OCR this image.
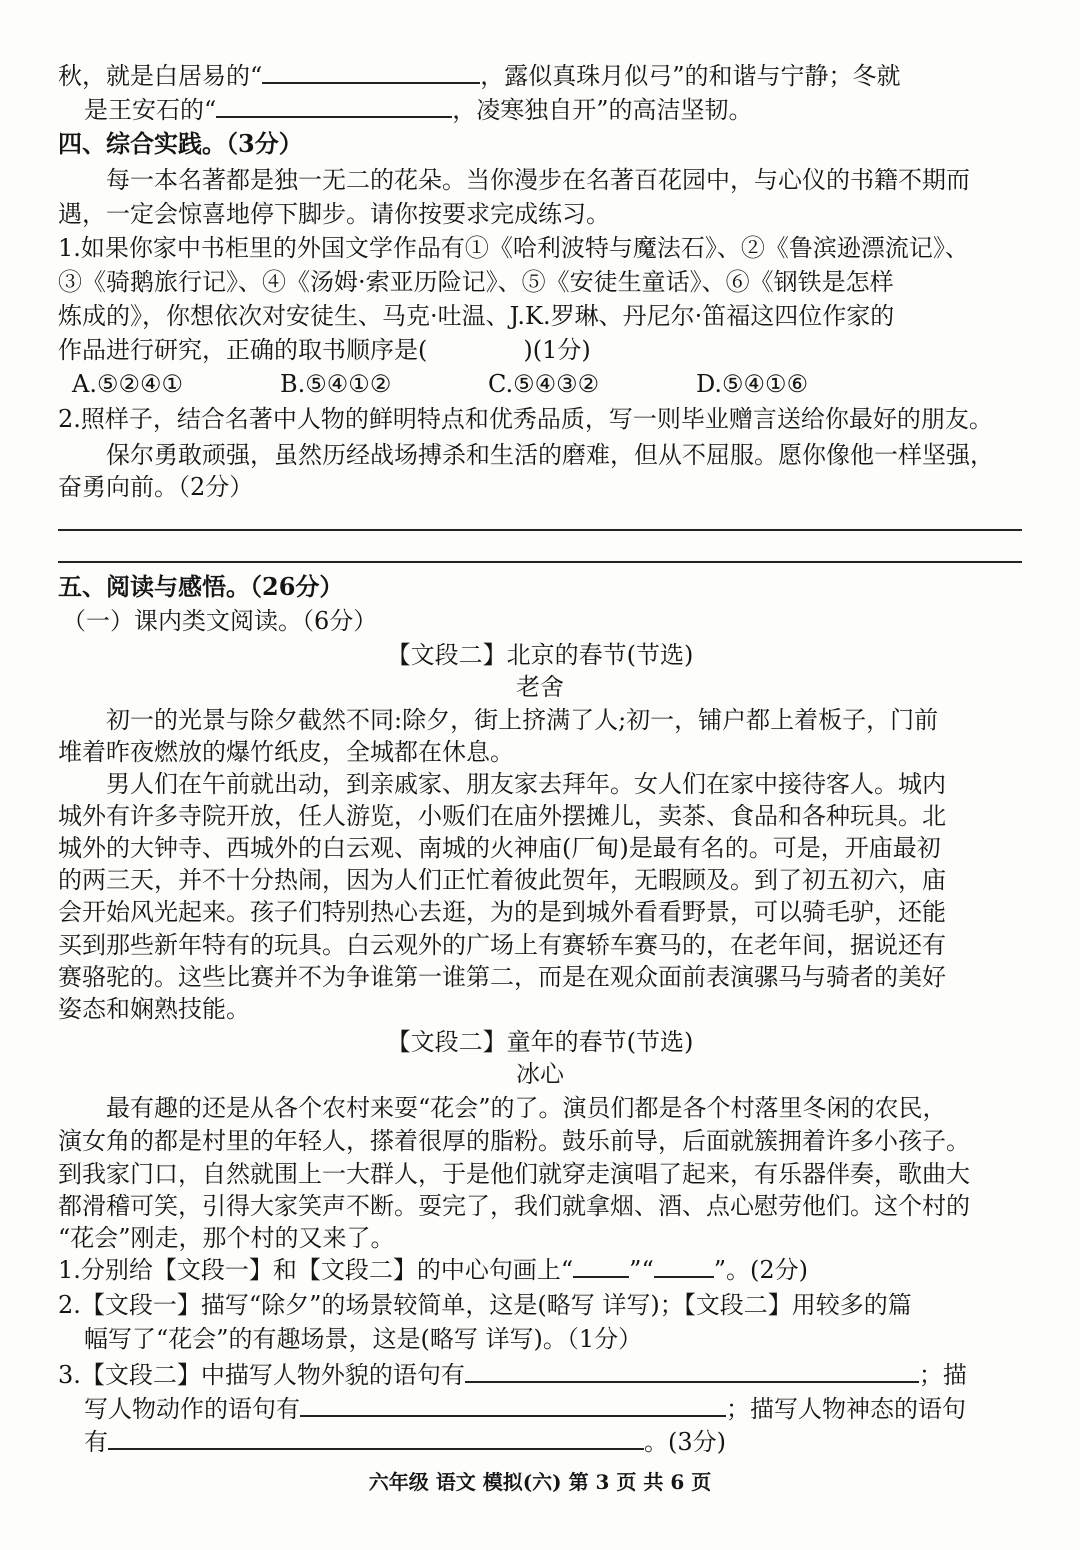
秋，就是白居易的“	，露似真珠月似弓”的和谐与宁静；冬就
是王安石的“	，凌寒独自开”的高洁坚韧。
四、综合实践。（3分）
每一本名著都是独一无二的花朵。当你漫步在名著百花园中，与心仪的书籍不期而
遇，一定会惊喜地停下脚步。请你按要求完成练习。
1.如果你家中书柜里的外国文学作品有①《哈利波特与魔法石》、②《鲁滨逊漂流记》、
③《骑鹅旅行记》、④《汤姆·索亚历险记》、⑤《安徒生童话》、⑥《钢铁是怎样
炼成的》，你想依次对安徒生、马克·吐温、J.K.罗琳、丹尼尔·笛福这四位作家的
作品进行研究，正确的取书顺序是(　　　　)(1分)
A.⑤②④①	B.⑤④①②	C.⑤④③②	D.⑤④①⑥
2.照样子，结合名著中人物的鲜明特点和优秀品质，写一则毕业赠言送给你最好的朋友。
保尔勇敢顽强，虽然历经战场搏杀和生活的磨难，但从不屈服。愿你像他一样坚强，
奋勇向前。（2分）
五、阅读与感悟。（26分）
（一）课内类文阅读。（6分）
【文段二】北京的春节(节选)
老舍
初一的光景与除夕截然不同:除夕，街上挤满了人;初一，铺户都上着板子，门前
堆着昨夜燃放的爆竹纸皮，全城都在休息。
男人们在午前就出动，到亲戚家、朋友家去拜年。女人们在家中接待客人。城内
城外有许多寺院开放，任人游览，小贩们在庙外摆摊儿，卖茶、食品和各种玩具。北
城外的大钟寺、西城外的白云观、南城的火神庙(厂甸)是最有名的。可是，开庙最初
的两三天，并不十分热闹，因为人们正忙着彼此贺年，无暇顾及。到了初五初六，庙
会开始风光起来。孩子们特别热心去逛，为的是到城外看看野景，可以骑毛驴，还能
买到那些新年特有的玩具。白云观外的广场上有赛轿车赛马的，在老年间，据说还有
赛骆驼的。这些比赛并不为争谁第一谁第二，而是在观众面前表演骡马与骑者的美好
姿态和娴熟技能。
【文段二】童年的春节(节选)
冰心
最有趣的还是从各个农村来耍“花会”的了。演员们都是各个村落里冬闲的农民，
演女角的都是村里的年轻人，搽着很厚的脂粉。鼓乐前导，后面就簇拥着许多小孩子。
到我家门口，自然就围上一大群人，于是他们就穿走演唱了起来，有乐器伴奏，歌曲大
都滑稽可笑，引得大家笑声不断。耍完了，我们就拿烟、酒、点心慰劳他们。这个村的
“花会”刚走，那个村的又来了。
1.分别给【文段一】和【文段二】的中心句画上“ ”“	”。(2分)
2.【文段一】描写“除夕”的场景较简单，这是(略写 详写)；【文段二】用较多的篇
幅写了“花会”的有趣场景，这是(略写 详写)。（1分）
3.【文段二】中描写人物外貌的语句有	；描
写人物动作的语句有	；描写人物神态的语句
有	。(3分)
六年级 语文 模拟(六) 第 3 页 共 6 页
